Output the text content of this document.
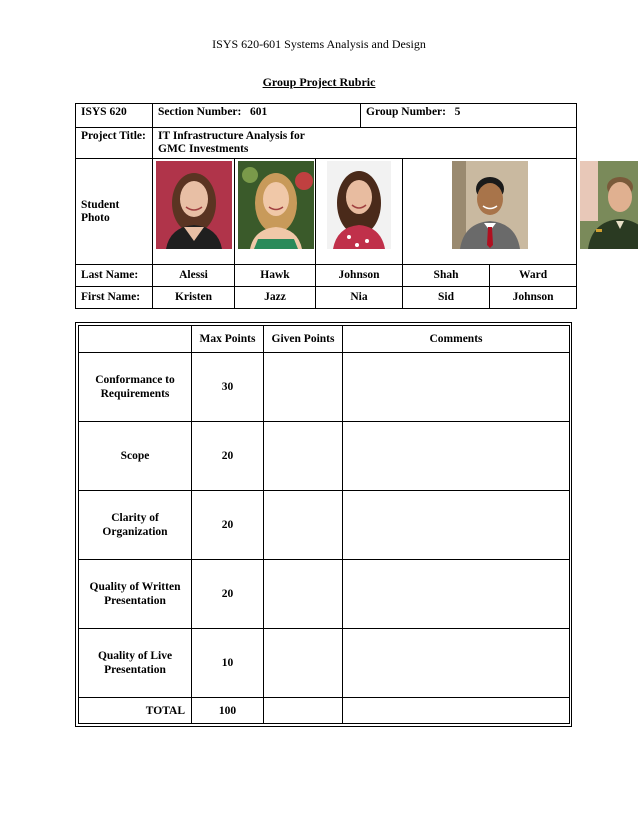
ISYS 620-601 Systems Analysis and Design
Group Project Rubric
ISYS 620	Section Number: 601			Group Number: 5			
Project Title:	IT Infrastructure Analysis for
GMC Investments						

Student
Photo

Last Name:	Alessi	Hawk	Johnson		Shah	Ward	
First Name:	Kristen	Jazz	Nia		Sid	Johnson	
	Max Points	Given Points	Comments

Conformance to
Requirements	30		

Scope	20		

Clarity of
Organization	20		

Quality of Written
Presentation	20		

Quality of Live
Presentation	10		
TOTAL	100		
